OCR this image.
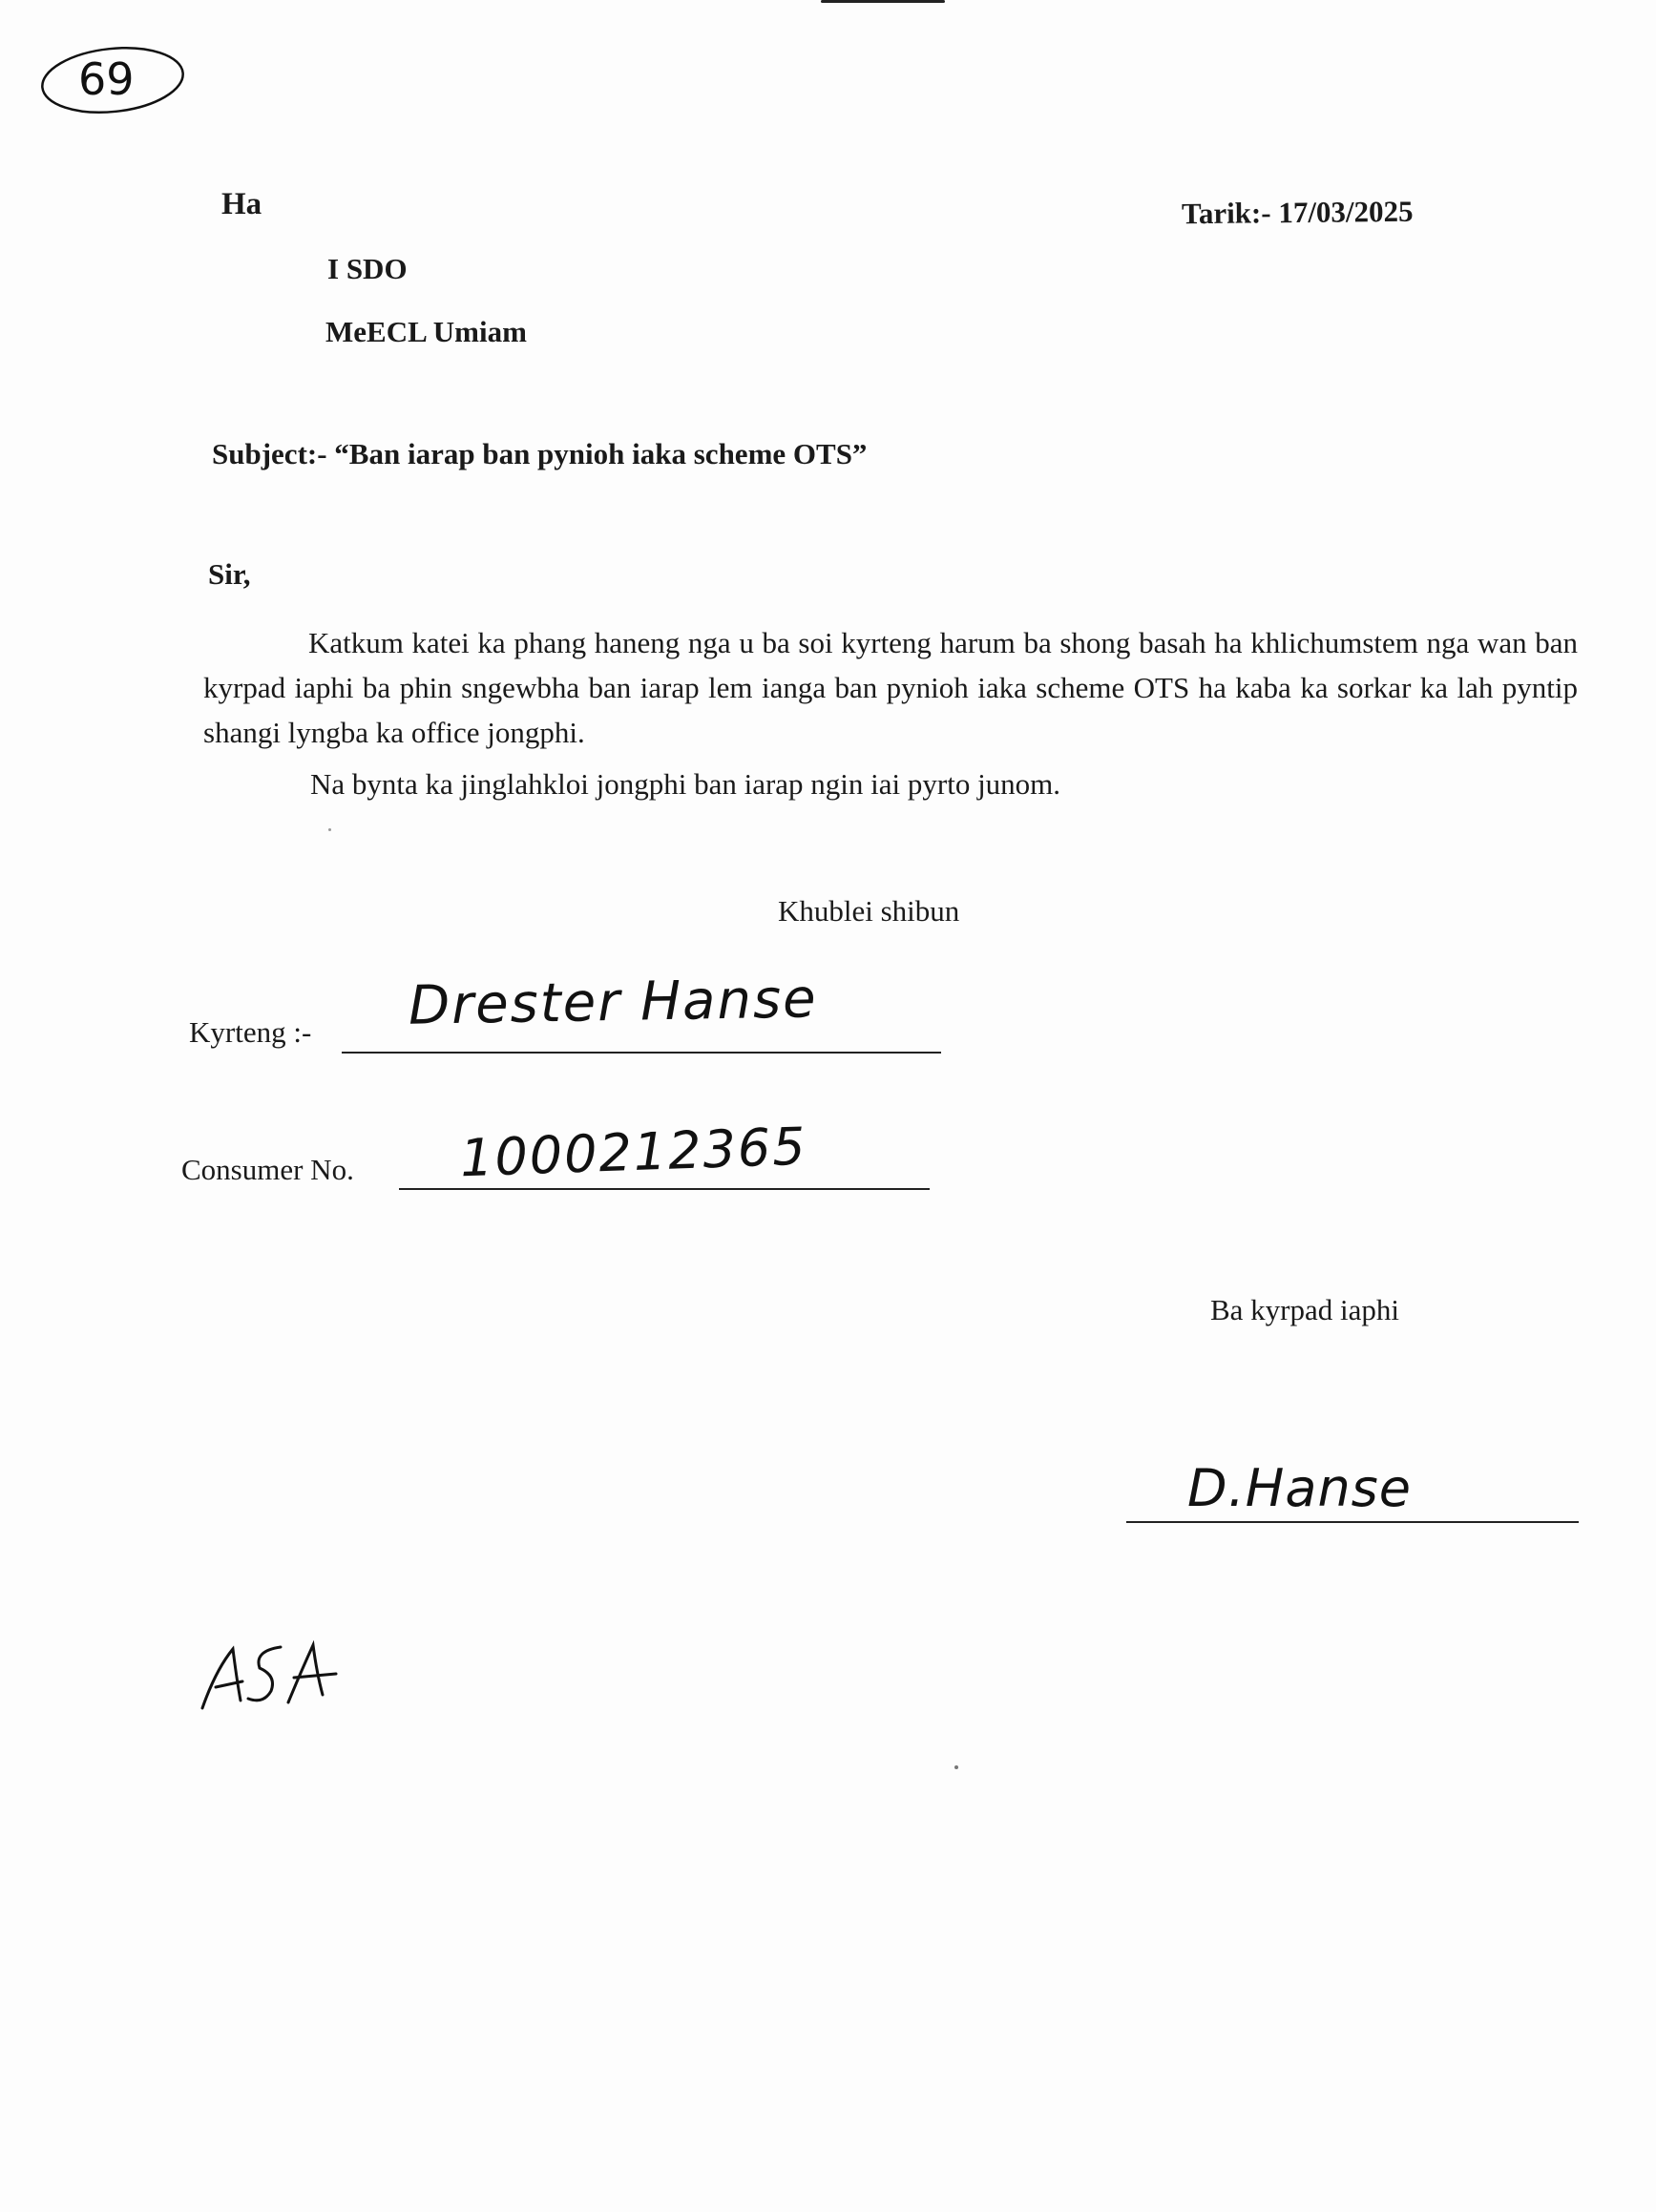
69
Ha	Tarik:- 17/03/2025
I SDO
MeECL Umiam
Subject:- “Ban iarap ban pynioh iaka scheme OTS”
Sir,
Katkum katei ka phang haneng nga u ba soi kyrteng harum ba shong basah ha khlichumstem nga wan ban kyrpad iaphi ba phin sngewbha ban iarap lem ianga ban pynioh iaka scheme OTS ha kaba ka sorkar ka lah pyntip shangi lyngba ka office jongphi.
Na bynta ka jinglahkloi jongphi ban iarap ngin iai pyrto junom.
Khublei shibun
Kyrteng :- Drester Hanse
Consumer No. 1000212365
Ba kyrpad iaphi
D.Hanse
